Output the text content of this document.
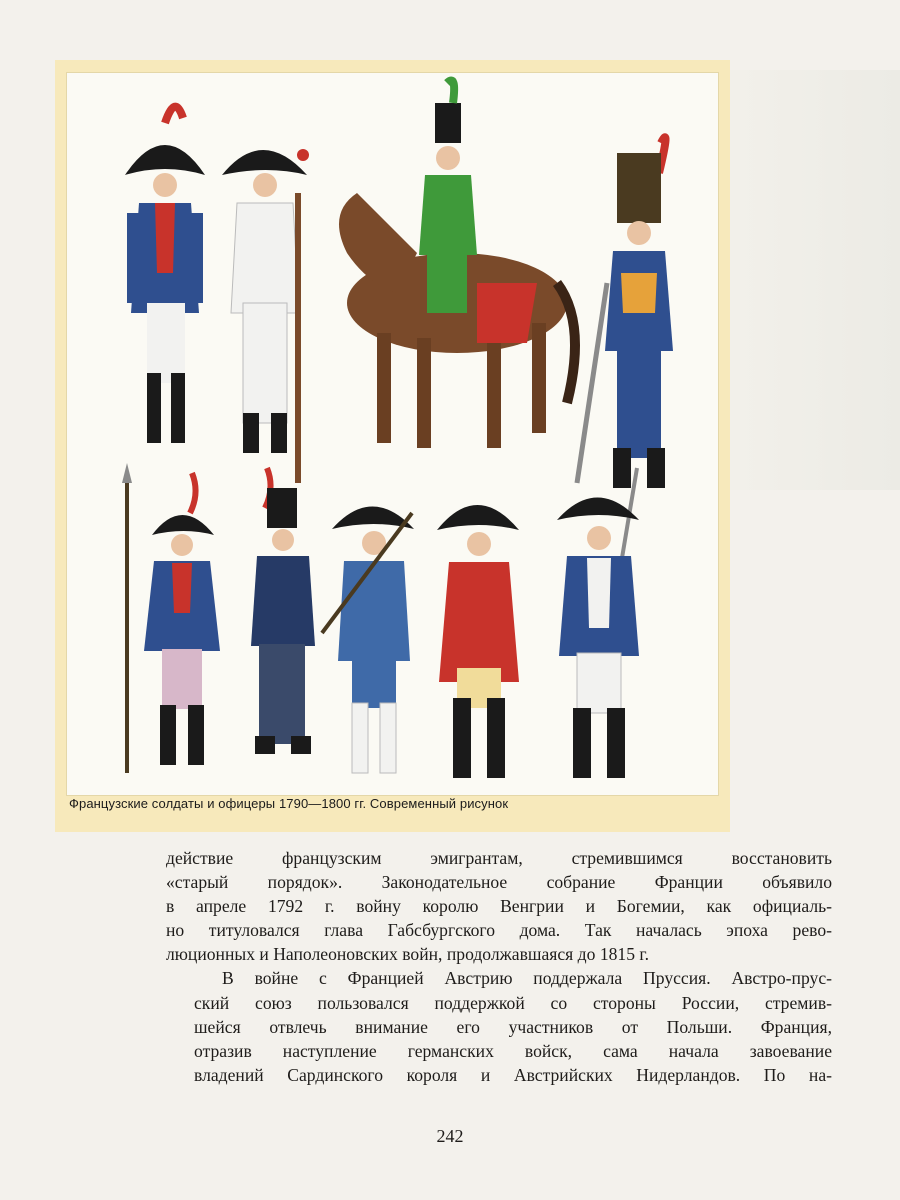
Французские солдаты и офицеры 1790—1800 гг. Современный рисунок

действие французским эмигрантам, стремившимся восстановить
«старый порядок». Законодательное собрание Франции объявило
в апреле 1792 г. войну королю Венгрии и Богемии, как официаль-
но титуловался глава Габсбургского дома. Так началась эпоха рево-
люционных и Наполеоновских войн, продолжавшаяся до 1815 г.

В войне с Францией Австрию поддержала Пруссия. Австро-прус-
ский союз пользовался поддержкой со стороны России, стремив-
шейся отвлечь внимание его участников от Польши. Франция,
отразив наступление германских войск, сама начала завоевание
владений Сардинского короля и Австрийских Нидерландов. По на-

242
